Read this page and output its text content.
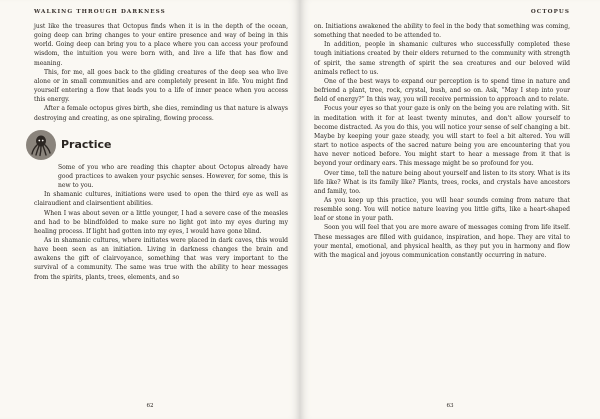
WALKING THROUGH DARKNESS

just like the treasures that Octopus finds when it is in the depth of the ocean, going deep can bring changes to your entire presence and way of being in this world. Going deep can bring you to a place where you can access your profound wisdom, the intuition you were born with, and live a life that has flow and meaning.

This, for me, all goes back to the gliding creatures of the deep sea who live alone or in small communities and are completely present in life. You might find yourself entering a flow that leads you to a life of inner peace when you access this energy.

After a female octopus gives birth, she dies, reminding us that nature is always destroying and creating, as one spiraling, flowing process.

Practice

Some of you who are reading this chapter about Octopus already have good practices to awaken your psychic senses. However, for some, this is new to you.

In shamanic cultures, initiations were used to open the third eye as well as clairaudient and clairsentient abilities.

When I was about seven or a little younger, I had a severe case of the measles and had to be blindfolded to make sure no light got into my eyes during my healing process. If light had gotten into my eyes, I would have gone blind.

As in shamanic cultures, where initiates were placed in dark caves, this would have been seen as an initiation. Living in darkness changes the brain and awakens the gift of clairvoyance, something that was very important to the survival of a community. The same was true with the ability to hear messages from the spirits, plants, trees, elements, and so

62
OCTOPUS

on. Initiations awakened the ability to feel in the body that something was coming, something that needed to be attended to.

In addition, people in shamanic cultures who successfully completed these tough initiations created by their elders returned to the community with strength of spirit, the same strength of spirit the sea creatures and our beloved wild animals reflect to us.

One of the best ways to expand our perception is to spend time in nature and befriend a plant, tree, rock, crystal, bush, and so on. Ask, “May I step into your field of energy?” In this way, you will receive permission to approach and to relate.

Focus your eyes so that your gaze is only on the being you are relating with. Sit in meditation with it for at least twenty minutes, and don't allow yourself to become distracted. As you do this, you will notice your sense of self changing a bit. Maybe by keeping your gaze steady, you will start to feel a bit altered. You will start to notice aspects of the sacred nature being you are encountering that you have never noticed before. You might start to hear a message from it that is beyond your ordinary ears. This message might be so profound for you.

Over time, tell the nature being about yourself and listen to its story. What is its life like? What is its family like? Plants, trees, rocks, and crystals have ancestors and family, too.

As you keep up this practice, you will hear sounds coming from nature that resemble song. You will notice nature leaving you little gifts, like a heart-shaped leaf or stone in your path.

Soon you will feel that you are more aware of messages coming from life itself. These messages are filled with guidance, inspiration, and hope. They are vital to your mental, emotional, and physical health, as they put you in harmony and flow with the magical and joyous communication constantly occurring in nature.

63
